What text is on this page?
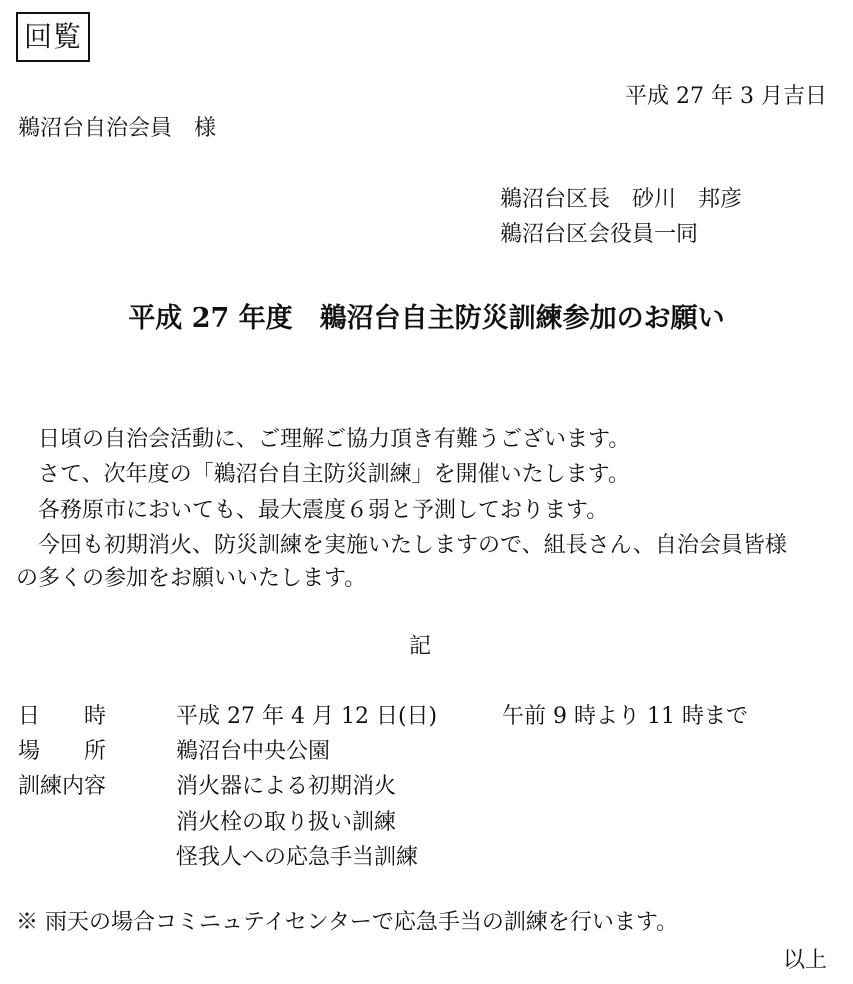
回覧
平成 27 年 3 月吉日
鵜沼台自治会員　様
鵜沼台区長　砂川　邦彦
鵜沼台区会役員一同
平成 27 年度　鵜沼台自主防災訓練参加のお願い
　日頃の自治会活動に、ご理解ご協力頂き有難うございます。
　さて、次年度の「鵜沼台自主防災訓練」を開催いたします。
　各務原市においても、最大震度６弱と予測しております。
　今回も初期消火、防災訓練を実施いたしますので、組長さん、自治会員皆様
の多くの参加をお願いいたします。
記
日　　時	平成 27 年 4 月 12 日(日)	午前 9 時より 11 時まで
場　　所	鵜沼台中央公園
訓練内容	消火器による初期消火
消火栓の取り扱い訓練
怪我人への応急手当訓練
※ 雨天の場合コミニュテイセンターで応急手当の訓練を行います。
以上
